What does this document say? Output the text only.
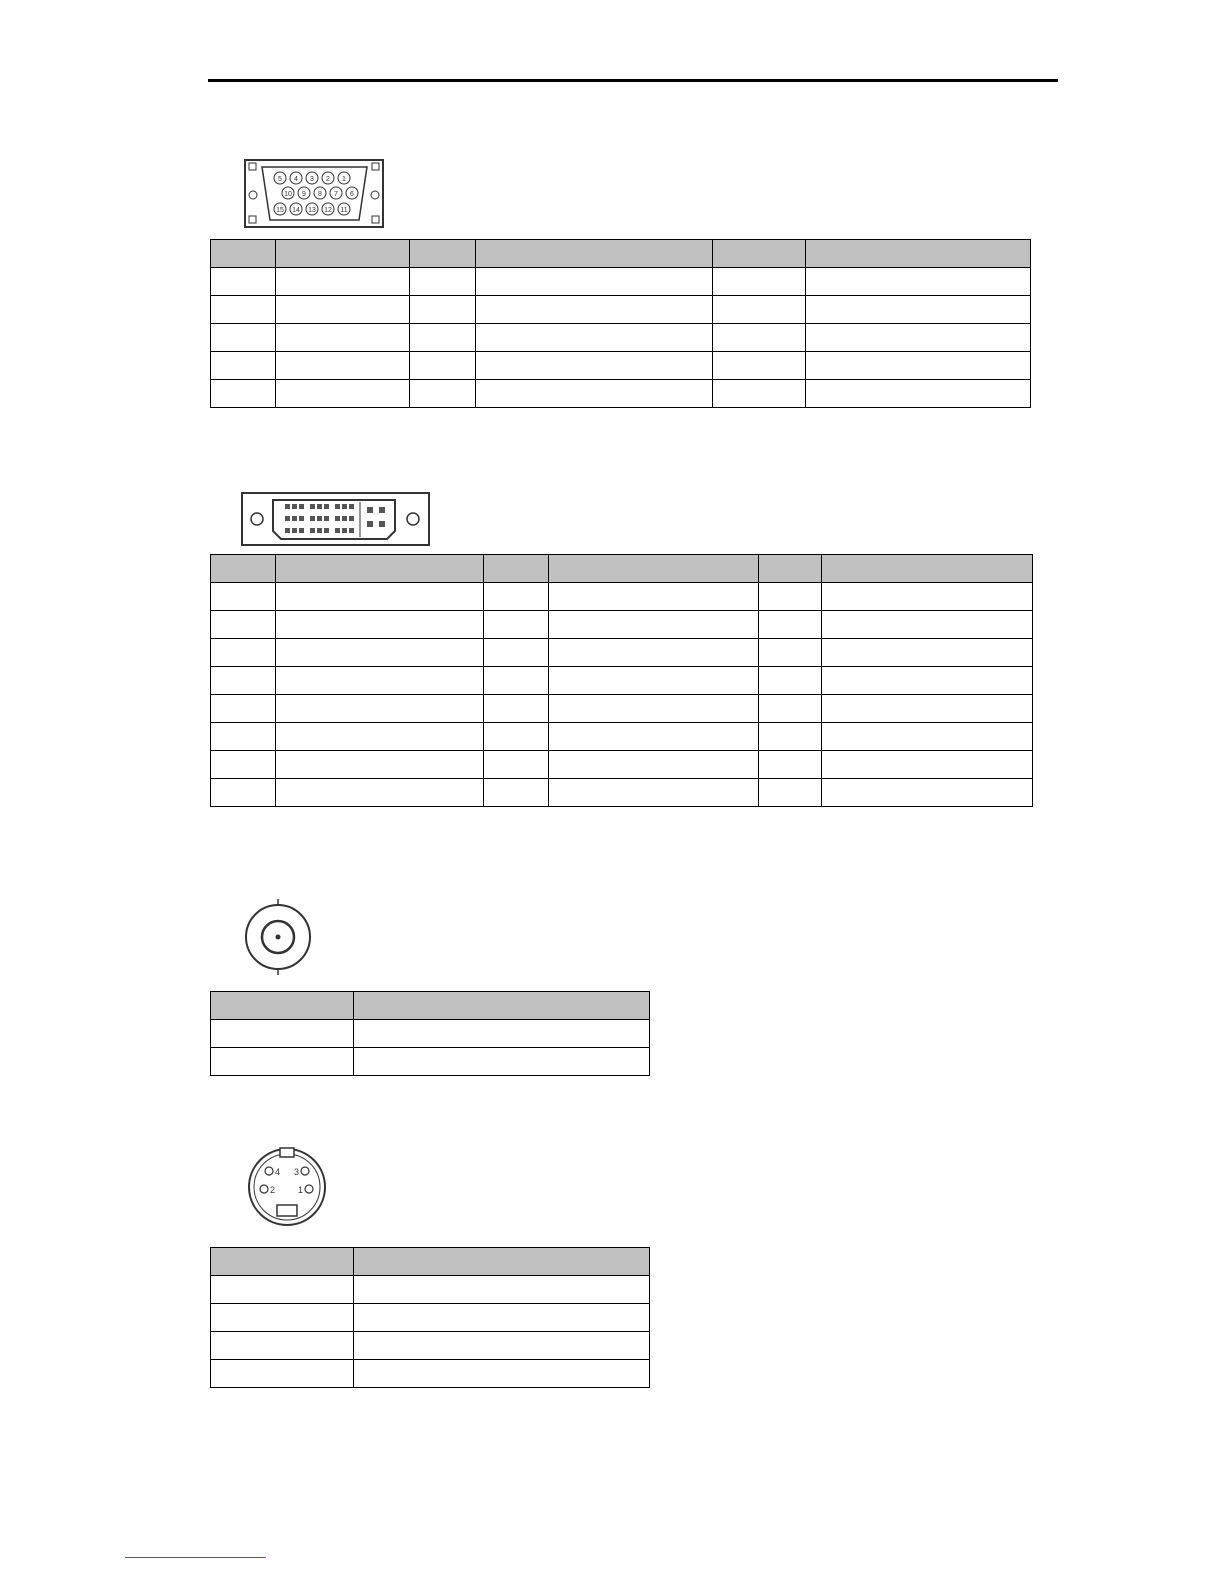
5 4 3 2 1
10 9 8 7 6
15 14 13 12 11

4 3
2	1
